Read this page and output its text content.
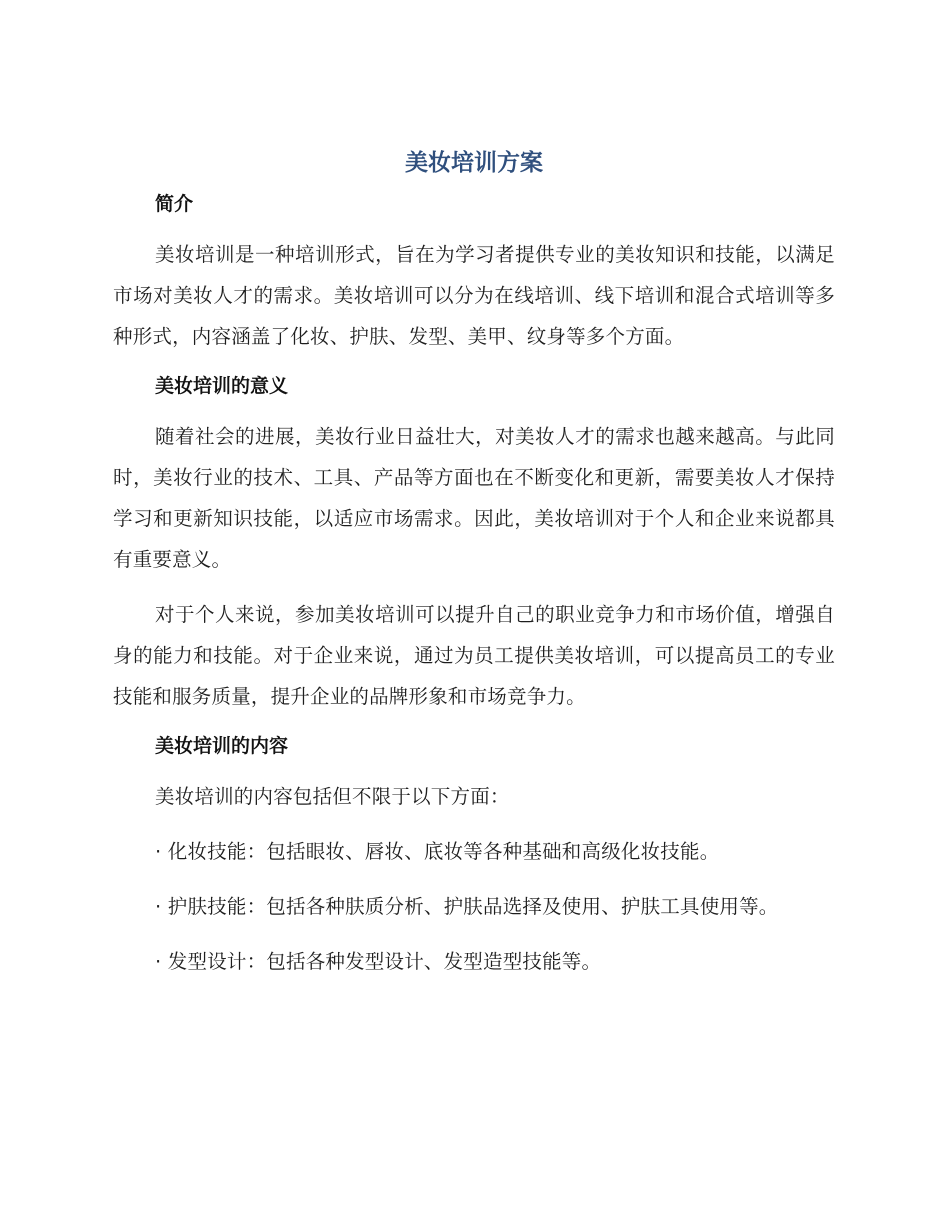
美妆培训方案
简介

美妆培训是一种培训形式，旨在为学习者提供专业的美妆知识和技能，以满足市场对美妆人才的需求。美妆培训可以分为在线培训、线下培训和混合式培训等多种形式，内容涵盖了化妆、护肤、发型、美甲、纹身等多个方面。

美妆培训的意义

随着社会的进展，美妆行业日益壮大，对美妆人才的需求也越来越高。与此同时，美妆行业的技术、工具、产品等方面也在不断变化和更新，需要美妆人才保持学习和更新知识技能，以适应市场需求。因此，美妆培训对于个人和企业来说都具有重要意义。

对于个人来说，参加美妆培训可以提升自己的职业竞争力和市场价值，增强自身的能力和技能。对于企业来说，通过为员工提供美妆培训，可以提高员工的专业技能和服务质量，提升企业的品牌形象和市场竞争力。

美妆培训的内容

美妆培训的内容包括但不限于以下方面：

· 化妆技能：包括眼妆、唇妆、底妆等各种基础和高级化妆技能。

· 护肤技能：包括各种肤质分析、护肤品选择及使用、护肤工具使用等。

· 发型设计：包括各种发型设计、发型造型技能等。
